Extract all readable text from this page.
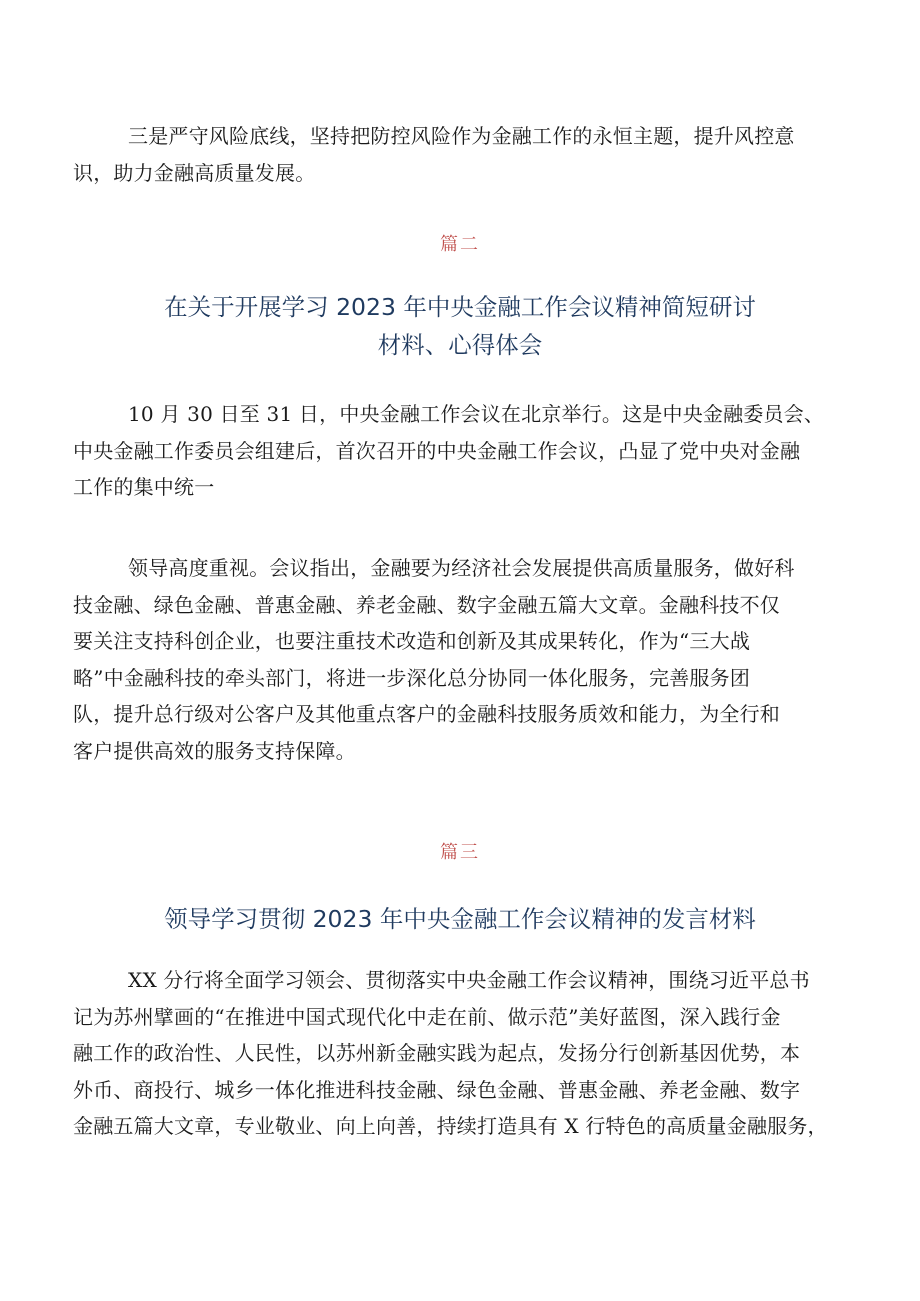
三是严守风险底线，坚持把防控风险作为金融工作的永恒主题，提升风控意
识，助力金融高质量发展。
篇二
在关于开展学习 2023 年中央金融工作会议精神简短研讨
材料、心得体会
10 月 30 日至 31 日，中央金融工作会议在北京举行。这是中央金融委员会、
中央金融工作委员会组建后，首次召开的中央金融工作会议，凸显了党中央对金融
工作的集中统一
领导高度重视。会议指出，金融要为经济社会发展提供高质量服务，做好科
技金融、绿色金融、普惠金融、养老金融、数字金融五篇大文章。金融科技不仅
要关注支持科创企业，也要注重技术改造和创新及其成果转化，作为“三大战
略”中金融科技的牵头部门，将进一步深化总分协同一体化服务，完善服务团
队，提升总行级对公客户及其他重点客户的金融科技服务质效和能力，为全行和
客户提供高效的服务支持保障。
篇三
领导学习贯彻 2023 年中央金融工作会议精神的发言材料
XX 分行将全面学习领会、贯彻落实中央金融工作会议精神，围绕习近平总书
记为苏州擘画的“在推进中国式现代化中走在前、做示范”美好蓝图，深入践行金
融工作的政治性、人民性，以苏州新金融实践为起点，发扬分行创新基因优势，本
外币、商投行、城乡一体化推进科技金融、绿色金融、普惠金融、养老金融、数字
金融五篇大文章，专业敬业、向上向善，持续打造具有 X 行特色的高质量金融服务，
